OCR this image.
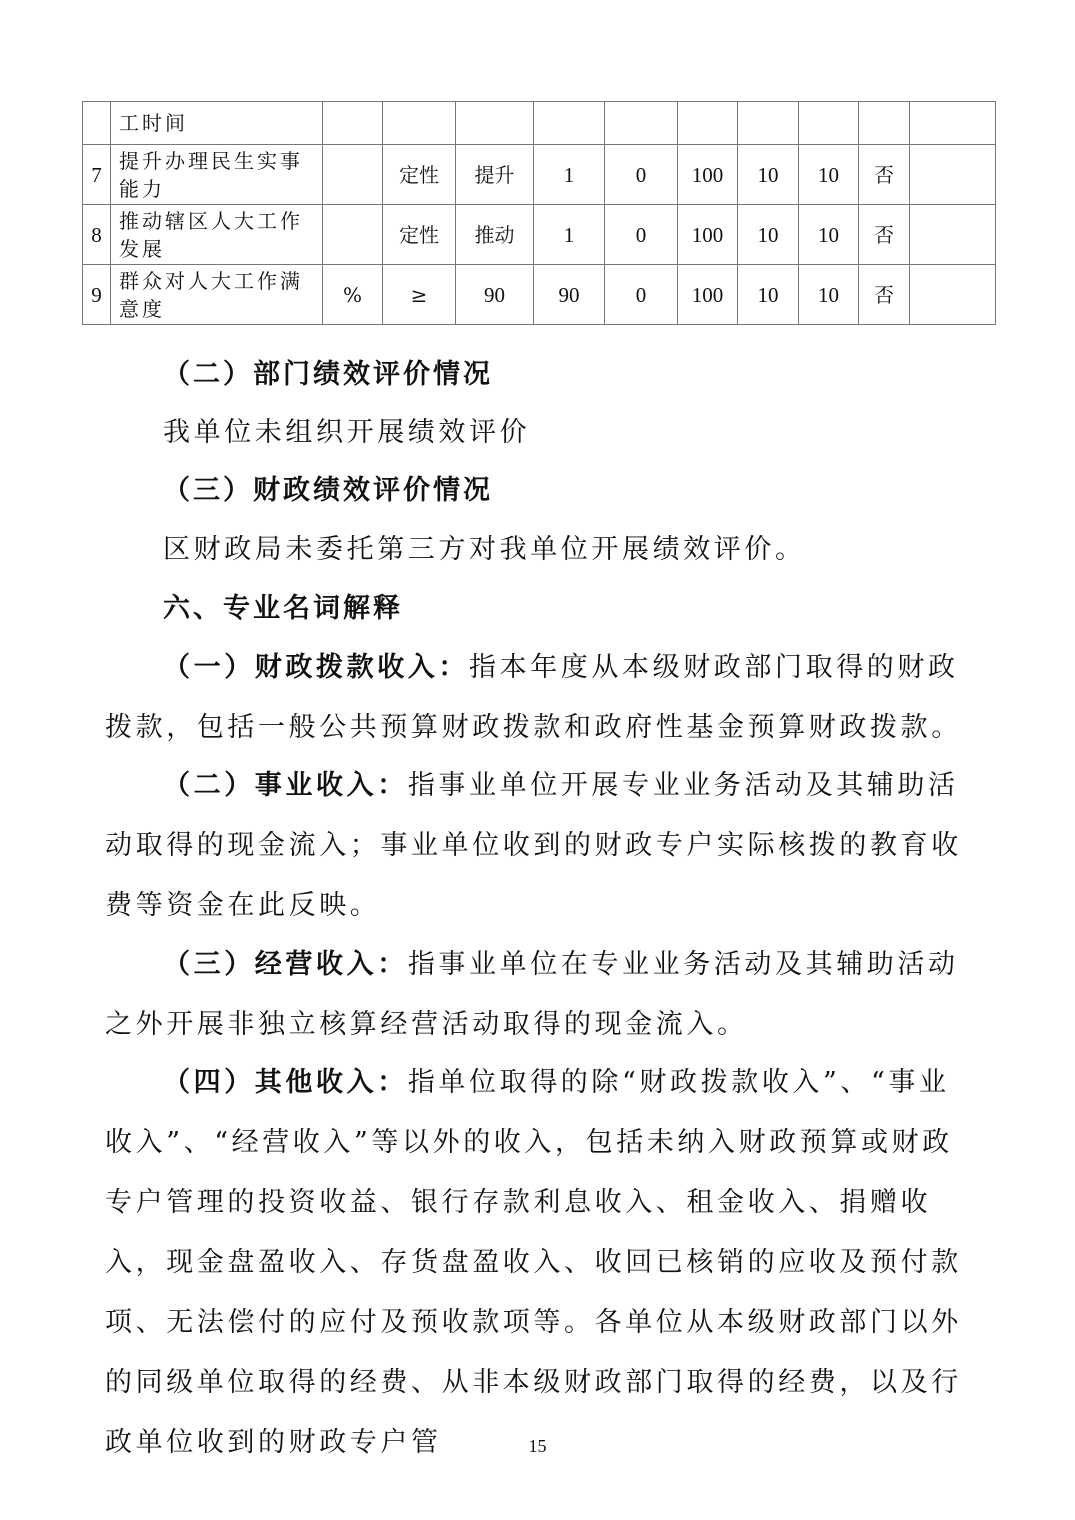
	工时间										
7	提升办理民生实事能力		定性	提升	1	0	100	10	10	否	
8	推动辖区人大工作发展		定性	推动	1	0	100	10	10	否	
9	群众对人大工作满意度	%	≥	90	90	0	100	10	10	否	

（二）部门绩效评价情况

我单位未组织开展绩效评价

（三）财政绩效评价情况

区财政局未委托第三方对我单位开展绩效评价。

六、专业名词解释

（一）财政拨款收入：指本年度从本级财政部门取得的财政拨款，包括一般公共预算财政拨款和政府性基金预算财政拨款。

（二）事业收入：指事业单位开展专业业务活动及其辅助活动取得的现金流入；事业单位收到的财政专户实际核拨的教育收费等资金在此反映。

（三）经营收入：指事业单位在专业业务活动及其辅助活动之外开展非独立核算经营活动取得的现金流入。

（四）其他收入：指单位取得的除“财政拨款收入”、“事业收入”、“经营收入”等以外的收入，包括未纳入财政预算或财政专户管理的投资收益、银行存款利息收入、租金收入、捐赠收入，现金盘盈收入、存货盘盈收入、收回已核销的应收及预付款项、无法偿付的应付及预收款项等。各单位从本级财政部门以外的同级单位取得的经费、从非本级财政部门取得的经费，以及行政单位收到的财政专户管	15
